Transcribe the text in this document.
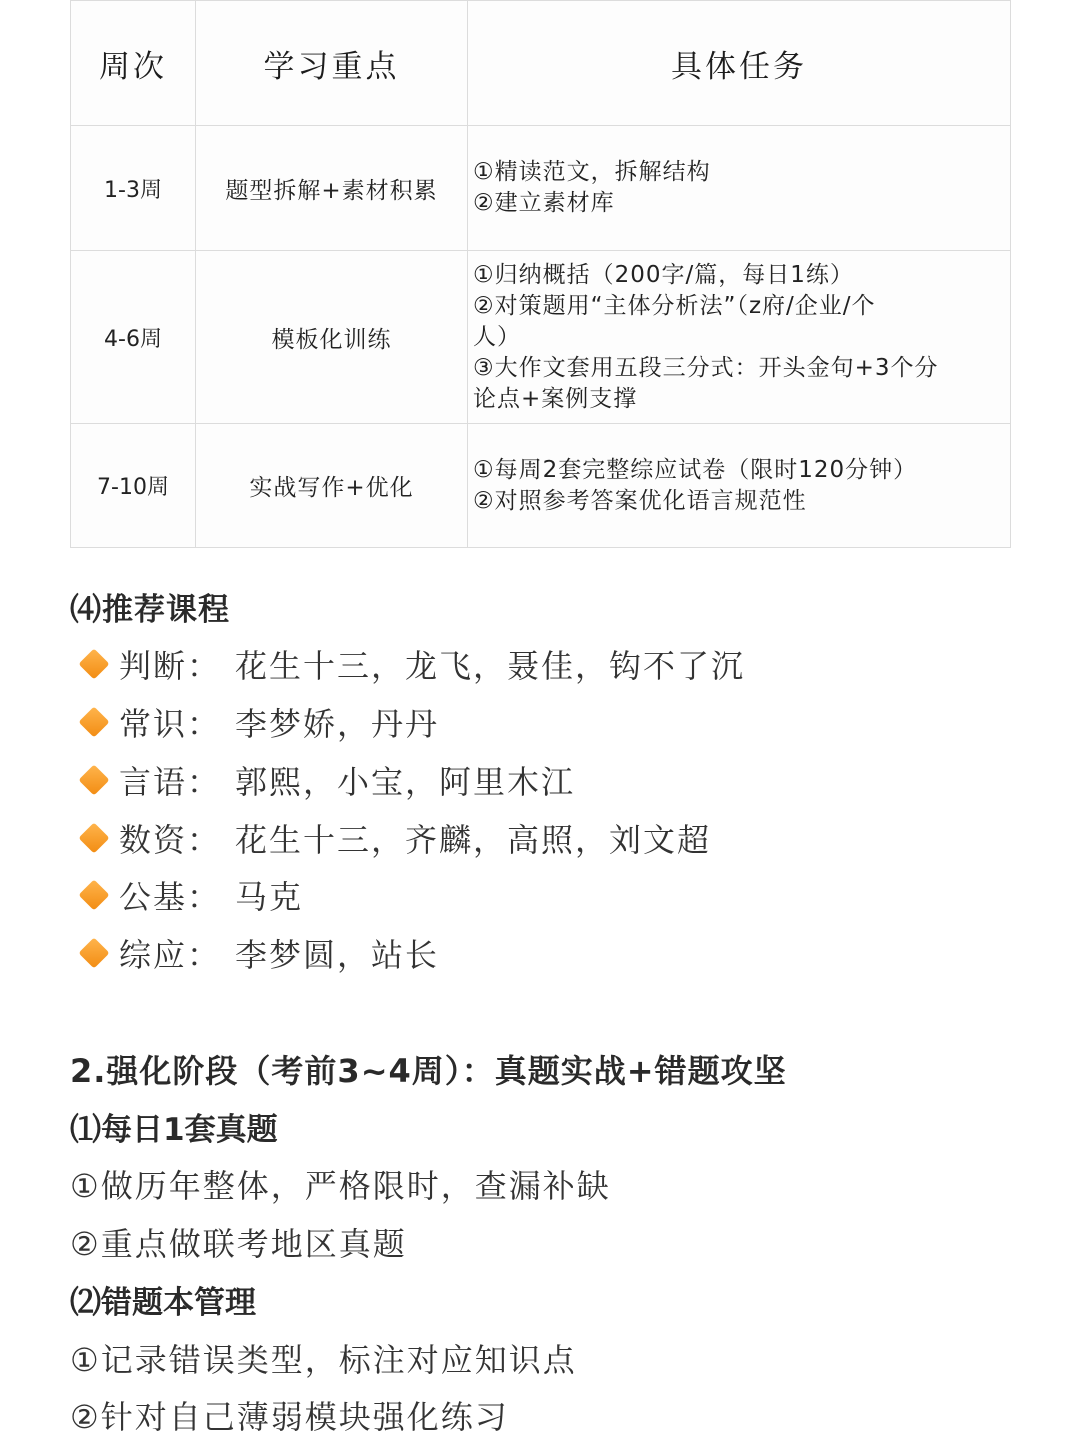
周次	学习重点	具体任务
1-3周	题型拆解+素材积累	①精读范文，拆解结构
②建立素材库

4-6周	模板化训练	①归纳概括（200字/篇，每日1练）
②对策题用“主体分析法”（z府/企业/个
人）
③大作文套用五段三分式：开头金句+3个分
论点+案例支撑

7-10周	实战写作+优化	①每周2套完整综应试卷（限时120分钟）
②对照参考答案优化语言规范性
⑷推荐课程
判断： 花生十三，龙飞，聂佳，钩不了沉
常识： 李梦娇，丹丹
言语： 郭熙，小宝，阿里木江
数资： 花生十三，齐麟，高照，刘文超
公基： 马克
综应： 李梦圆，站长
2.强化阶段（考前3~4周）：真题实战+错题攻坚
⑴每日1套真题
①做历年整体，严格限时，查漏补缺
②重点做联考地区真题
⑵错题本管理
①记录错误类型，标注对应知识点
②针对自己薄弱模块强化练习
